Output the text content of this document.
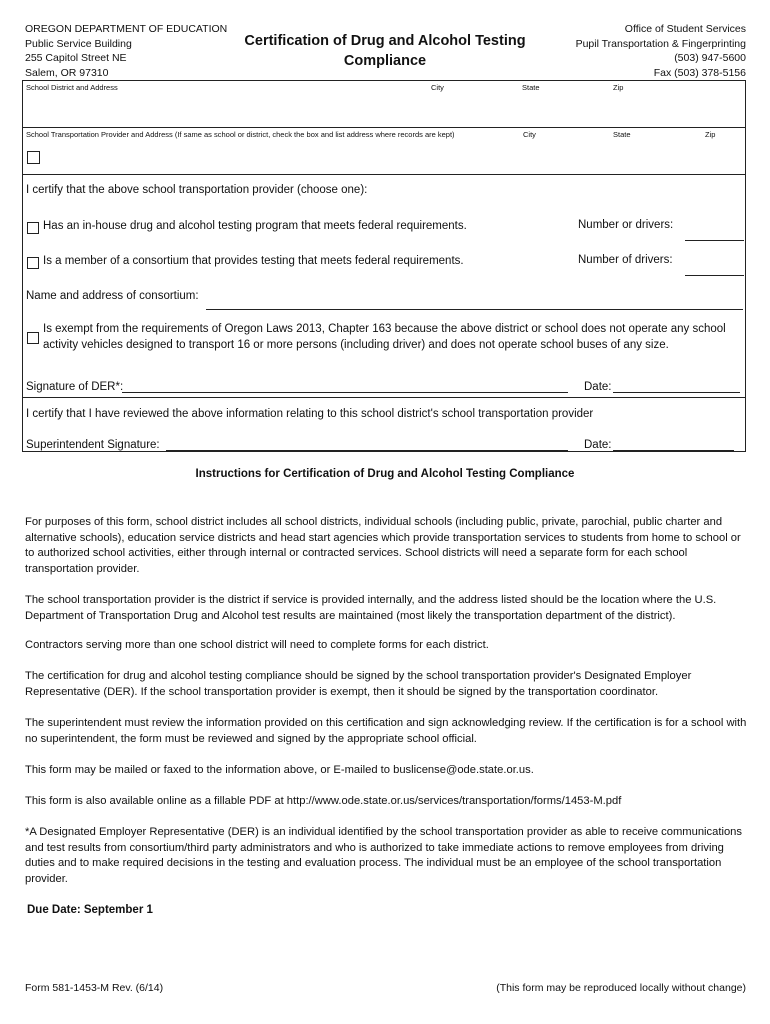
OREGON DEPARTMENT OF EDUCATION
Public Service Building
255 Capitol Street NE
Salem, OR 97310
Certification of Drug and Alcohol Testing
Compliance
Office of Student Services
Pupil Transportation & Fingerprinting
(503) 947-5600
Fax (503) 378-5156
School District and Address	City	State	Zip
School Transportation Provider and Address (If same as school or district, check the box and list address where records are kept)	City	State	Zip
I certify that the above school transportation provider (choose one):
Has an in-house drug and alcohol testing program that meets federal requirements.	Number or drivers:
Is a member of a consortium that provides testing that meets federal requirements.	Number of drivers:
Name and address of consortium:
Is exempt from the requirements of Oregon Laws 2013, Chapter 163 because the above district or school does not operate any school activity vehicles designed to transport 16 or more persons (including driver) and does not operate school buses of any size.
Signature of DER*:	Date:
I certify that I have reviewed the above information relating to this school district's school transportation provider
Superintendent Signature:	Date:
Instructions for Certification of Drug and Alcohol Testing Compliance
For purposes of this form, school district includes all school districts, individual schools (including public, private, parochial, public charter and alternative schools), education service districts and head start agencies which provide transportation services to students from home to school or to authorized school activities, either through internal or contracted services. School districts will need a separate form for each school transportation provider.
The school transportation provider is the district if service is provided internally, and the address listed should be the location where the U.S. Department of Transportation Drug and Alcohol test results are maintained (most likely the transportation department of the district).
Contractors serving more than one school district will need to complete forms for each district.
The certification for drug and alcohol testing compliance should be signed by the school transportation provider's Designated Employer Representative (DER). If the school transportation provider is exempt, then it should be signed by the transportation coordinator.
The superintendent must review the information provided on this certification and sign acknowledging review. If the certification is for a school with no superintendent, the form must be reviewed and signed by the appropriate school official.
This form may be mailed or faxed to the information above, or E-mailed to buslicense@ode.state.or.us.
This form is also available online as a fillable PDF at http://www.ode.state.or.us/services/transportation/forms/1453-M.pdf
*A Designated Employer Representative (DER) is an individual identified by the school transportation provider as able to receive communications and test results from consortium/third party administrators and who is authorized to take immediate actions to remove employees from driving duties and to make required decisions in the testing and evaluation process. The individual must be an employee of the school transportation provider.
Due Date: September 1
Form 581-1453-M Rev. (6/14)	(This form may be reproduced locally without change)
